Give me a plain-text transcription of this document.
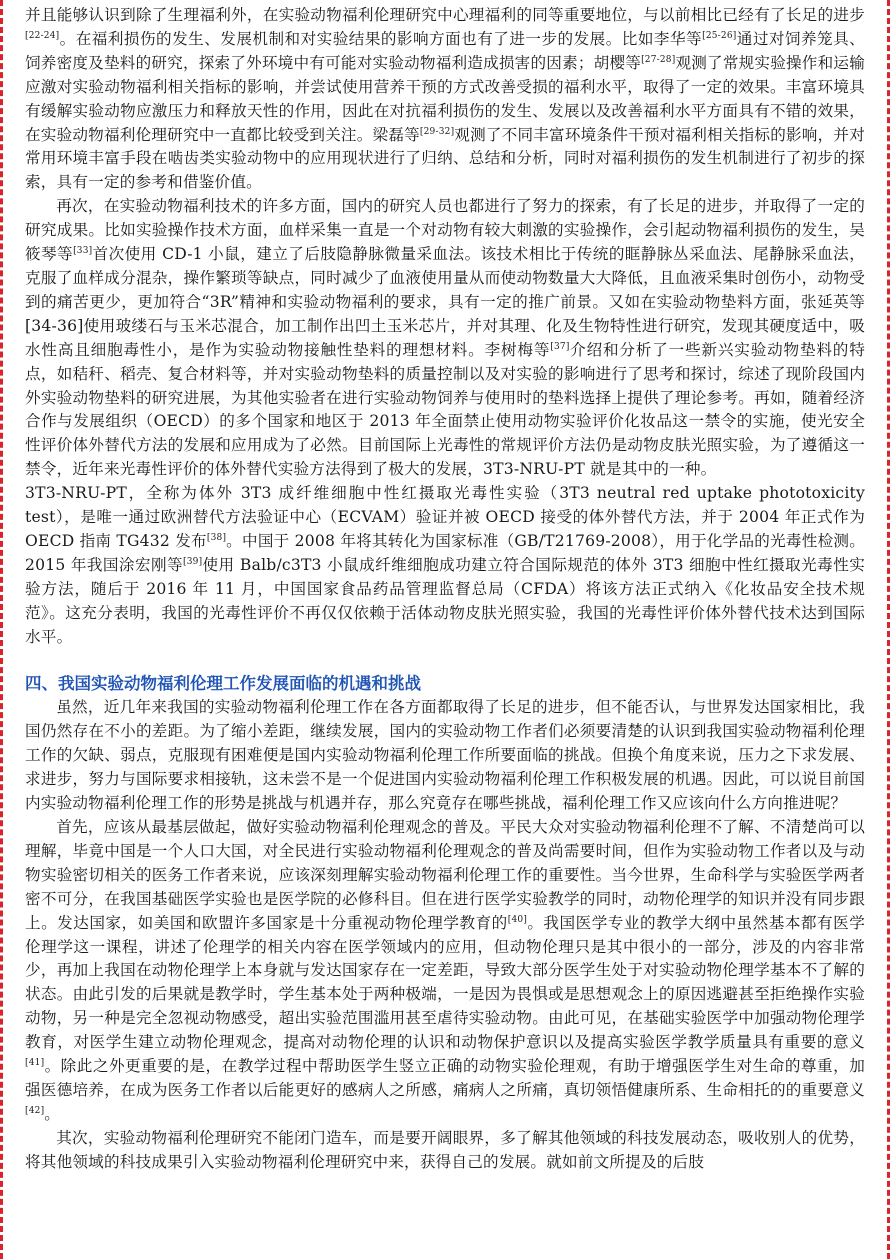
并且能够认识到除了生理福利外，在实验动物福利伦理研究中心理福利的同等重要地位，与以前相比已经有了长足的进步[22-24]。在福利损伤的发生、发展机制和对实验结果的影响方面也有了进一步的发展。比如李华等[25-26]通过对饲养笼具、饲养密度及垫料的研究，探索了外环境中有可能对实验动物福利造成损害的因素；胡樱等[27-28]观测了常规实验操作和运输应激对实验动物福利相关指标的影响，并尝试使用营养干预的方式改善受损的福利水平，取得了一定的效果。丰富环境具有缓解实验动物应激压力和释放天性的作用，因此在对抗福利损伤的发生、发展以及改善福利水平方面具有不错的效果，在实验动物福利伦理研究中一直都比较受到关注。梁磊等[29-32]观测了不同丰富环境条件干预对福利相关指标的影响，并对常用环境丰富手段在啮齿类实验动物中的应用现状进行了归纳、总结和分析，同时对福利损伤的发生机制进行了初步的探索，具有一定的参考和借鉴价值。

再次，在实验动物福利技术的许多方面，国内的研究人员也都进行了努力的探索，有了长足的进步，并取得了一定的研究成果。比如实验操作技术方面，血样采集一直是一个对动物有较大刺激的实验操作，会引起动物福利损伤的发生，吴筱琴等[33]首次使用 CD-1 小鼠，建立了后肢隐静脉微量采血法。该技术相比于传统的眶静脉丛采血法、尾静脉采血法，克服了血样成分混杂，操作繁琐等缺点，同时减少了血液使用量从而使动物数量大大降低，且血液采集时创伤小，动物受到的痛苦更少，更加符合“3R”精神和实验动物福利的要求，具有一定的推广前景。又如在实验动物垫料方面，张延英等[34-36]使用玻缕石与玉米芯混合，加工制作出凹土玉米芯片，并对其理、化及生物特性进行研究，发现其硬度适中，吸水性高且细胞毒性小，是作为实验动物接触性垫料的理想材料。李树梅等[37]介绍和分析了一些新兴实验动物垫料的特点，如秸秆、稻壳、复合材料等，并对实验动物垫料的质量控制以及对实验的影响进行了思考和探讨，综述了现阶段国内外实验动物垫料的研究进展，为其他实验者在进行实验动物饲养与使用时的垫料选择上提供了理论参考。再如，随着经济合作与发展组织（OECD）的多个国家和地区于 2013 年全面禁止使用动物实验评价化妆品这一禁令的实施，使光安全性评价体外替代方法的发展和应用成为了必然。目前国际上光毒性的常规评价方法仍是动物皮肤光照实验，为了遵循这一禁令，近年来光毒性评价的体外替代实验方法得到了极大的发展，3T3-NRU-PT 就是其中的一种。

3T3-NRU-PT，全称为体外 3T3 成纤维细胞中性红摄取光毒性实验（3T3 neutral red uptake phototoxicity test），是唯一通过欧洲替代方法验证中心（ECVAM）验证并被 OECD 接受的体外替代方法，并于 2004 年正式作为 OECD 指南 TG432 发布[38]。中国于 2008 年将其转化为国家标准（GB/T21769-2008），用于化学品的光毒性检测。2015 年我国涂宏刚等[39]使用 Balb/c3T3 小鼠成纤维细胞成功建立符合国际规范的体外 3T3 细胞中性红摄取光毒性实验方法，随后于 2016 年 11 月，中国国家食品药品管理监督总局（CFDA）将该方法正式纳入《化妆品安全技术规范》。这充分表明，我国的光毒性评价不再仅仅依赖于活体动物皮肤光照实验，我国的光毒性评价体外替代技术达到国际水平。

四、我国实验动物福利伦理工作发展面临的机遇和挑战

虽然，近几年来我国的实验动物福利伦理工作在各方面都取得了长足的进步，但不能否认，与世界发达国家相比，我国仍然存在不小的差距。为了缩小差距，继续发展，国内的实验动物工作者们必须要清楚的认识到我国实验动物福利伦理工作的欠缺、弱点，克服现有困难便是国内实验动物福利伦理工作所要面临的挑战。但换个角度来说，压力之下求发展、求进步，努力与国际要求相接轨，这未尝不是一个促进国内实验动物福利伦理工作积极发展的机遇。因此，可以说目前国内实验动物福利伦理工作的形势是挑战与机遇并存，那么究竟存在哪些挑战，福利伦理工作又应该向什么方向推进呢？

首先，应该从最基层做起，做好实验动物福利伦理观念的普及。平民大众对实验动物福利伦理不了解、不清楚尚可以理解，毕竟中国是一个人口大国，对全民进行实验动物福利伦理观念的普及尚需要时间，但作为实验动物工作者以及与动物实验密切相关的医务工作者来说，应该深刻理解实验动物福利伦理工作的重要性。当今世界，生命科学与实验医学两者密不可分，在我国基础医学实验也是医学院的必修科目。但在进行医学实验教学的同时，动物伦理学的知识并没有同步跟上。发达国家，如美国和欧盟许多国家是十分重视动物伦理学教育的[40]。我国医学专业的教学大纲中虽然基本都有医学伦理学这一课程，讲述了伦理学的相关内容在医学领域内的应用，但动物伦理只是其中很小的一部分，涉及的内容非常少，再加上我国在动物伦理学上本身就与发达国家存在一定差距，导致大部分医学生处于对实验动物伦理学基本不了解的状态。由此引发的后果就是教学时，学生基本处于两种极端，一是因为畏惧或是思想观念上的原因逃避甚至拒绝操作实验动物，另一种是完全忽视动物感受，超出实验范围滥用甚至虐待实验动物。由此可见，在基础实验医学中加强动物伦理学教育，对医学生建立动物伦理观念，提高对动物伦理的认识和动物保护意识以及提高实验医学教学质量具有重要的意义[41]。除此之外更重要的是，在教学过程中帮助医学生竖立正确的动物实验伦理观，有助于增强医学生对生命的尊重，加强医德培养，在成为医务工作者以后能更好的感病人之所感，痛病人之所痛，真切领悟健康所系、生命相托的的重要意义[42]。

其次，实验动物福利伦理研究不能闭门造车，而是要开阔眼界，多了解其他领域的科技发展动态，吸收别人的优势，将其他领域的科技成果引入实验动物福利伦理研究中来，获得自己的发展。就如前文所提及的后肢
